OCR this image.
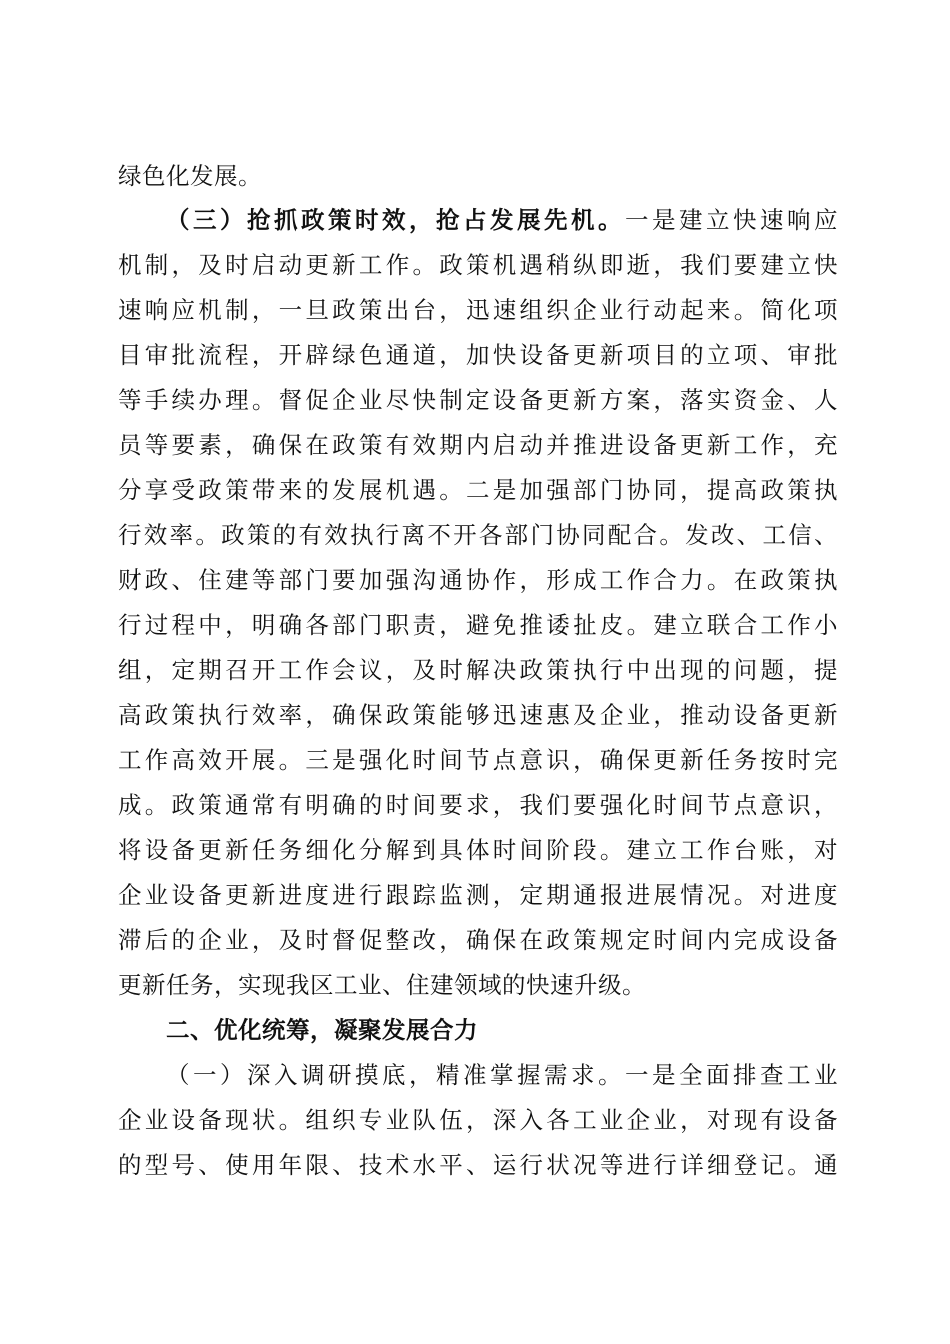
绿色化发展。
（三）抢抓政策时效，抢占发展先机。一是建立快速响应
机制，及时启动更新工作。政策机遇稍纵即逝，我们要建立快
速响应机制，一旦政策出台，迅速组织企业行动起来。简化项
目审批流程，开辟绿色通道，加快设备更新项目的立项、审批
等手续办理。督促企业尽快制定设备更新方案，落实资金、人
员等要素，确保在政策有效期内启动并推进设备更新工作，充
分享受政策带来的发展机遇。二是加强部门协同，提高政策执
行效率。政策的有效执行离不开各部门协同配合。发改、工信、
财政、住建等部门要加强沟通协作，形成工作合力。在政策执
行过程中，明确各部门职责，避免推诿扯皮。建立联合工作小
组，定期召开工作会议，及时解决政策执行中出现的问题，提
高政策执行效率，确保政策能够迅速惠及企业，推动设备更新
工作高效开展。三是强化时间节点意识，确保更新任务按时完
成。政策通常有明确的时间要求，我们要强化时间节点意识，
将设备更新任务细化分解到具体时间阶段。建立工作台账，对
企业设备更新进度进行跟踪监测，定期通报进展情况。对进度
滞后的企业，及时督促整改，确保在政策规定时间内完成设备
更新任务，实现我区工业、住建领域的快速升级。
二、优化统筹，凝聚发展合力
（一）深入调研摸底，精准掌握需求。一是全面排查工业
企业设备现状。组织专业队伍，深入各工业企业，对现有设备
的型号、使用年限、技术水平、运行状况等进行详细登记。通
